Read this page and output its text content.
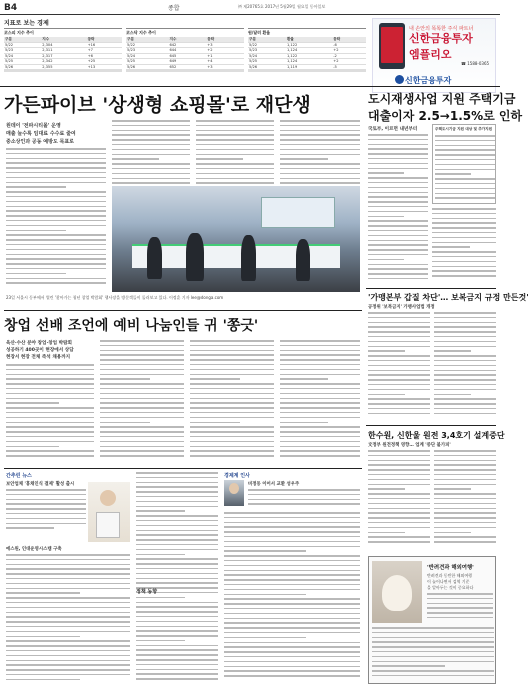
B4	종합	㈜ 제20765호 2017년 5월29일 월요일 동아일보
지표로 보는 경제
코스피 지수 추이
구분	지수	등락
5/22	2,304	+16
5/23	2,311	+7
5/24	2,317	+6
5/25	2,342	+25
5/26	2,355	+13

코스닥 지수 추이
구분	지수	등락
5/22	642	+3
5/23	644	+2
5/24	645	+1
5/25	649	+4
5/26	652	+3

원/달러 환율
구분	환율	등락
5/22	1,122	-6
5/23	1,124	+2
5/24	1,122	-2
5/25	1,124	+2
5/26	1,119	-5

내 손안의 똑똑한 주식 파트너
신한금융투자
엠플리오
☎ 1588-0365
신한금융투자
가든파이브 '상생형 쇼핑몰'로 재단생
원데이 '전파시티몰' 운영
매출 늘수록 임대료 수수료 줄여
중소상인과 공동 예방도 목표로
23일 서울시 동부에서 열린 '찾아가는 청년 창업 박람회' 행사장을 방문객들이 둘러보고 있다. 이정훈 기자 lee@donga.com
창업 선배 조언에 예비 나눔인들 귀 '쫑긋'
육산·수산 분야 창업·창업 박람회
성공하기 400곳이 현장에서 상담
현장서 현장 전체 즉석 채용까지
간추린 뉴스
보안업체 '홍채인식 결제' 활성 출시
에스원, 인대운영시스템 구축
정책 동향
경제계 인사
비정동 이어서 교환 성우주
도시재생사업 지원 주택기금
대출이자 2.5→1.5%로 인하
국토부, 이르면 내년부터	주택도시기금 지원 대상 및 추가지원
'가맹본부 갑질 차단'… 보복금지 규정 만든것'
공정위 '보복금지' 가맹사업법 개정
한수원, 신한울 원전 3,4호기 설계중단
文정부 원전정책 영향… 업계 '중단 불가피'
'반려견과 해외여행'
반려견과 동반한 해외여행
이 늘어나면서 검역 기준
을 알아두는 것이 중요하다
